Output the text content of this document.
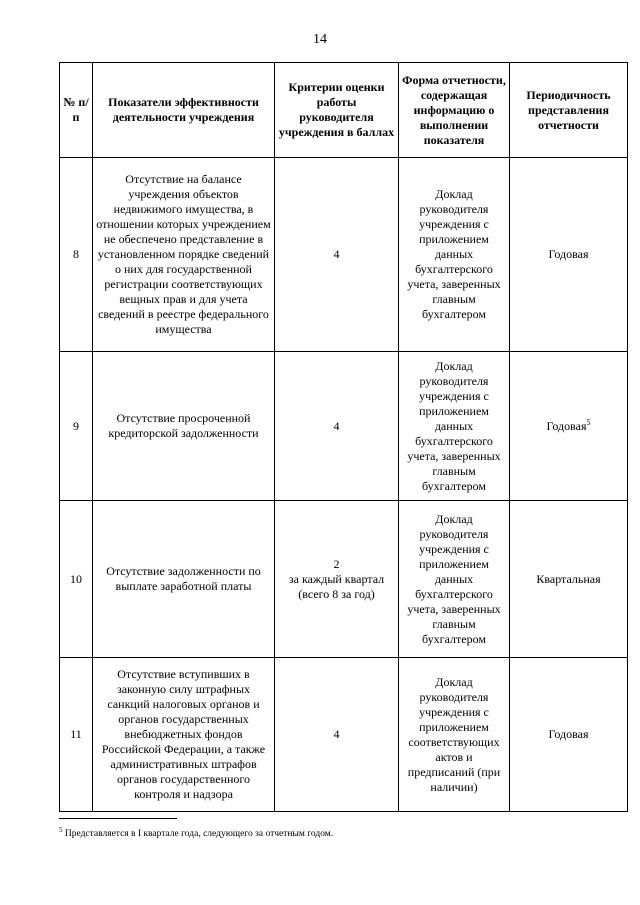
14
№ п/п	Показатели эффективности деятельности учреждения	Критерии оценки работы руководителя учреждения в баллах	Форма отчетности, содержащая информацию о выполнении показателя	Периодичность представления отчетности
8	Отсутствие на балансе учреждения объектов недвижимого имущества, в отношении которых учреждением не обеспечено представление в установленном порядке сведений о них для государственной регистрации соответствующих вещных прав и для учета сведений в реестре федерального имущества	4	Доклад руководителя учреждения с приложением данных бухгалтерского учета, заверенных главным бухгалтером	Годовая
9	Отсутствие просроченной кредиторской задолженности	4	Доклад руководителя учреждения с приложением данных бухгалтерского учета, заверенных главным бухгалтером	Годовая$^5$
10	Отсутствие задолженности по выплате заработной платы	2
за каждый квартал
(всего 8 за год)	Доклад руководителя учреждения с приложением данных бухгалтерского учета, заверенных главным бухгалтером	Квартальная
11	Отсутствие вступивших в законную силу штрафных санкций налоговых органов и органов государственных внебюджетных фондов Российской Федерации, а также административных штрафов органов государственного контроля и надзора	4	Доклад руководителя учреждения с приложением соответствующих актов и предписаний (при наличии)	Годовая
$^5$ Представляется в I квартале года, следующего за отчетным годом.
